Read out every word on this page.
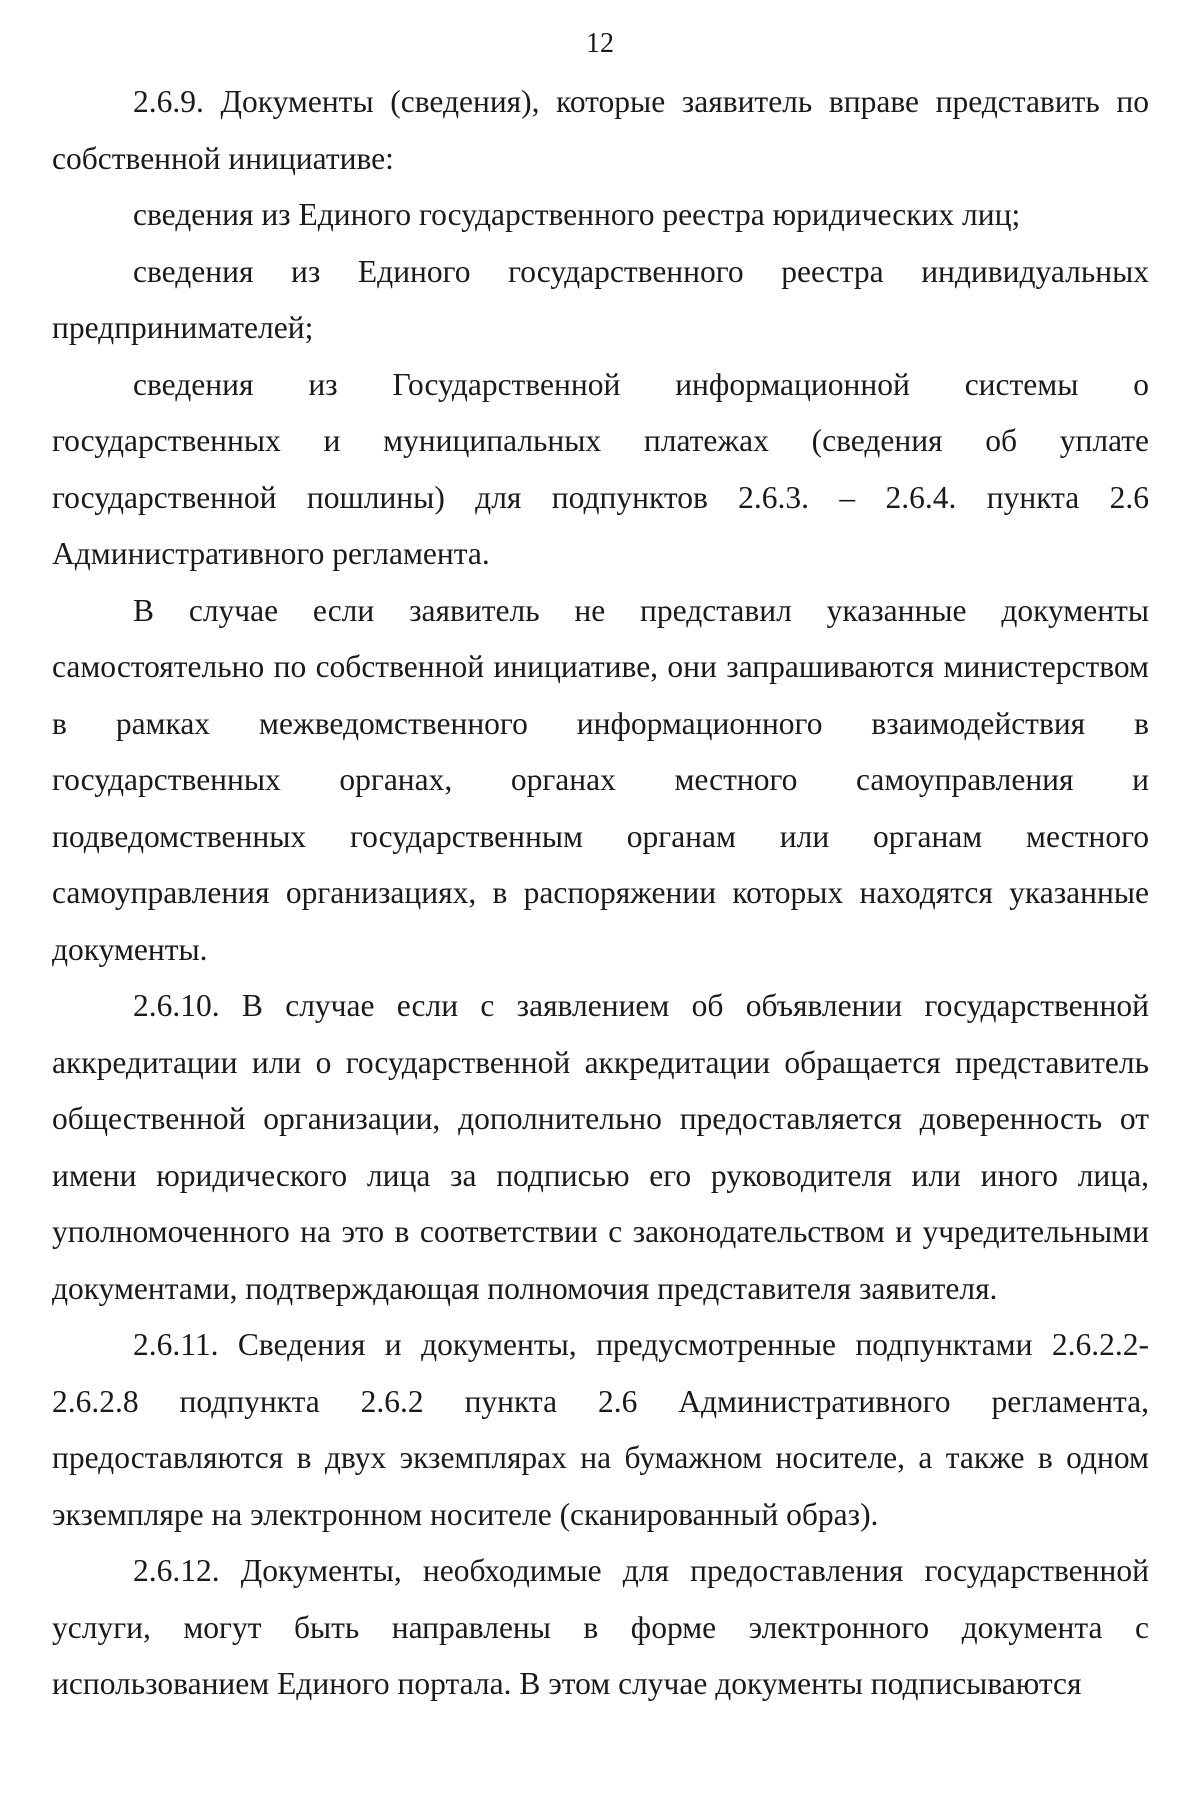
12

2.6.9. Документы (сведения), которые заявитель вправе представить по собственной инициативе:

сведения из Единого государственного реестра юридических лиц;

сведения из Единого государственного реестра индивидуальных предпринимателей;

сведения из Государственной информационной системы о государственных и муниципальных платежах (сведения об уплате государственной пошлины) для подпунктов 2.6.3. – 2.6.4. пункта 2.6 Административного регламента.

В случае если заявитель не представил указанные документы самостоятельно по собственной инициативе, они запрашиваются министерством в рамках межведомственного информационного взаимодействия в государственных органах, органах местного самоуправления и подведомственных государственным органам или органам местного самоуправления организациях, в распоряжении которых находятся указанные документы.

2.6.10. В случае если с заявлением об объявлении государственной аккредитации или о государственной аккредитации обращается представитель общественной организации, дополнительно предоставляется доверенность от имени юридического лица за подписью его руководителя или иного лица, уполномоченного на это в соответствии с законодательством и учредительными документами, подтверждающая полномочия представителя заявителя.

2.6.11. Сведения и документы, предусмотренные подпунктами 2.6.2.2-2.6.2.8 подпункта 2.6.2 пункта 2.6 Административного регламента, предоставляются в двух экземплярах на бумажном носителе, а также в одном экземпляре на электронном носителе (сканированный образ).

2.6.12. Документы, необходимые для предоставления государственной услуги, могут быть направлены в форме электронного документа с использованием Единого портала. В этом случае документы подписываются
